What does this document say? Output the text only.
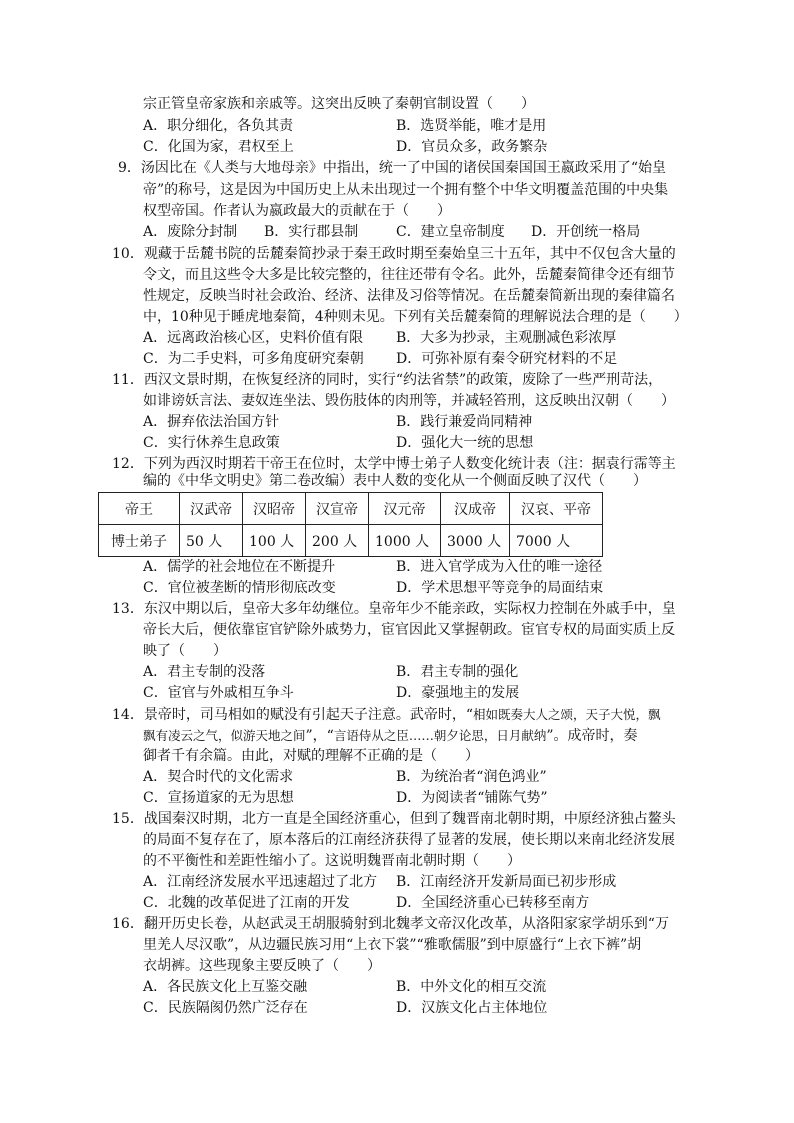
宗正管皇帝家族和亲戚等。这突出反映了秦朝官制设置（　　）
A．职分细化，各负其责	B．选贤举能，唯才是用
C．化国为家，君权至上	D．官员众多，政务繁杂
9．汤因比在《人类与大地母亲》中指出，统一了中国的诸侯国秦国国王嬴政采用了“始皇
帝”的称号，这是因为中国历史上从未出现过一个拥有整个中华文明覆盖范围的中央集
权型帝国。作者认为嬴政最大的贡献在于（　　）
A．废除分封制 B．实行郡县制	C．建立皇帝制度 D．开创统一格局
10．观藏于岳麓书院的岳麓秦简抄录于秦王政时期至秦始皇三十五年，其中不仅包含大量的
令文，而且这些令大多是比较完整的，往往还带有令名。此外，岳麓秦简律令还有细节
性规定，反映当时社会政治、经济、法律及习俗等情况。在岳麓秦简新出现的秦律篇名
中，10种见于睡虎地秦简，4种则未见。下列有关岳麓秦简的理解说法合理的是（　　）
A．远离政治核心区，史料价值有限 B．大多为抄录，主观删减色彩浓厚
C．为二手史料，可多角度研究秦朝 D．可弥补原有秦令研究材料的不足
11．西汉文景时期，在恢复经济的同时，实行“约法省禁”的政策，废除了一些严刑苛法，
如诽谤妖言法、妻奴连坐法、毁伤肢体的肉刑等，并减轻笞刑，这反映出汉朝（　　）
A．摒弃依法治国方针	B．践行兼爱尚同精神
C．实行休养生息政策	D．强化大一统的思想
12．下列为西汉时期若干帝王在位时，太学中博士弟子人数变化统计表（注：据袁行霈等主
编的《中华文明史》第二卷改编）表中人数的变化从一个侧面反映了汉代（　　）
帝王	汉武帝	汉昭帝	汉宣帝	汉元帝	汉成帝	汉哀、平帝
博士弟子	50 人	100 人	200 人	1000 人	3000 人	7000 人
A．儒学的社会地位在不断提升	B．进入官学成为入仕的唯一途径
C．官位被垄断的情形彻底改变	D．学术思想平等竞争的局面结束
13．东汉中期以后，皇帝大多年幼继位。皇帝年少不能亲政，实际权力控制在外戚手中，皇
帝长大后，便依靠宦官铲除外戚势力，宦官因此又掌握朝政。宦官专权的局面实质上反
映了（　　）
A．君主专制的没落	B．君主专制的强化
C．宦官与外戚相互争斗	D．豪强地主的发展
14．景帝时，司马相如的赋没有引起天子注意。武帝时，“相如既奏大人之颂，天子大悦，飘
飘有凌云之气，似游天地之间”，“言语侍从之臣……朝夕论思，日月献纳”。成帝时，奏
御者千有余篇。由此，对赋的理解不正确的是（　　）
A．契合时代的文化需求	B．为统治者“润色鸿业”
C．宣扬道家的无为思想	D．为阅读者“铺陈气势”
15．战国秦汉时期，北方一直是全国经济重心，但到了魏晋南北朝时期，中原经济独占鳌头
的局面不复存在了，原本落后的江南经济获得了显著的发展，使长期以来南北经济发展
的不平衡性和差距性缩小了。这说明魏晋南北朝时期（　　）
A．江南经济发展水平迅速超过了北方 B．江南经济开发新局面已初步形成
C．北魏的改革促进了江南的开发	D．全国经济重心已转移至南方
16．翻开历史长卷，从赵武灵王胡服骑射到北魏孝文帝汉化改革，从洛阳家家学胡乐到“万
里羌人尽汉歌”，从边疆民族习用“上衣下裳”“雅歌儒服”到中原盛行“上衣下裤”胡
衣胡裤。这些现象主要反映了（　　）
A．各民族文化上互鉴交融	B．中外文化的相互交流
C．民族隔阂仍然广泛存在	D．汉族文化占主体地位
